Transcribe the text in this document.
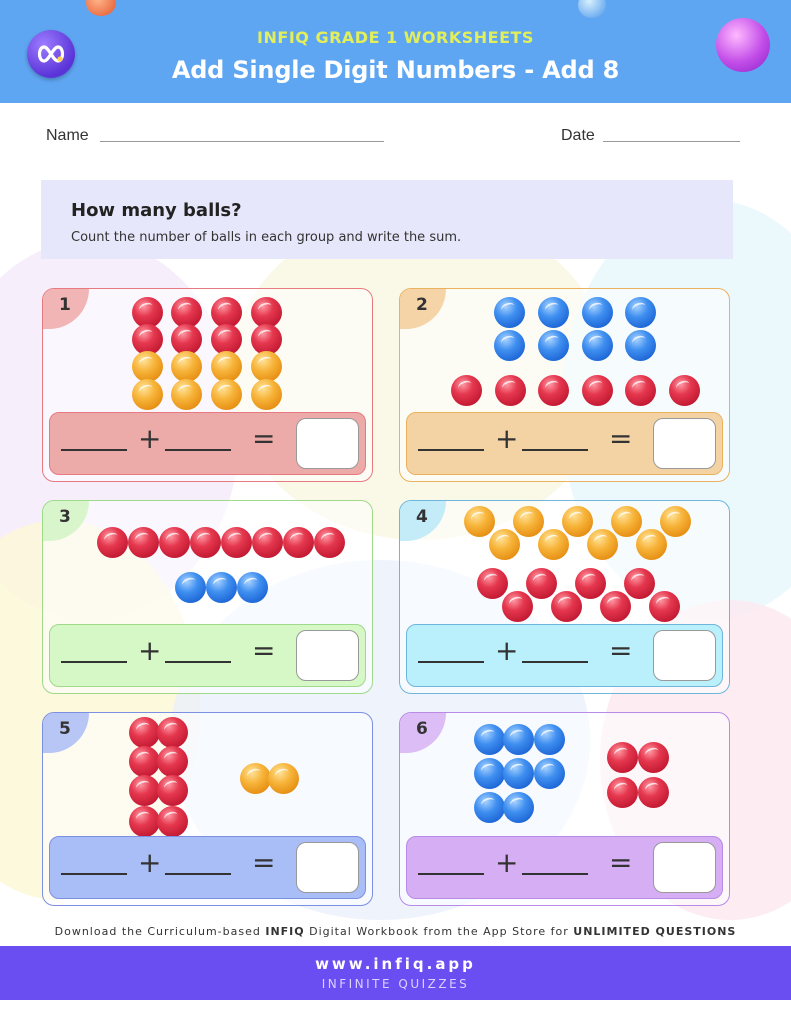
INFIQ GRADE 1 WORKSHEETS
Add Single Digit Numbers - Add 8
Name	Date
How many balls?

Count the number of balls in each group and write the sum.

1
+	=
2
+	=
3
+	=
4
+	=
5
+	=
6
+	=
Download the Curriculum-based INFIQ Digital Workbook from the App Store for UNLIMITED QUESTIONS
www.infiq.app
INFINITE QUIZZES
